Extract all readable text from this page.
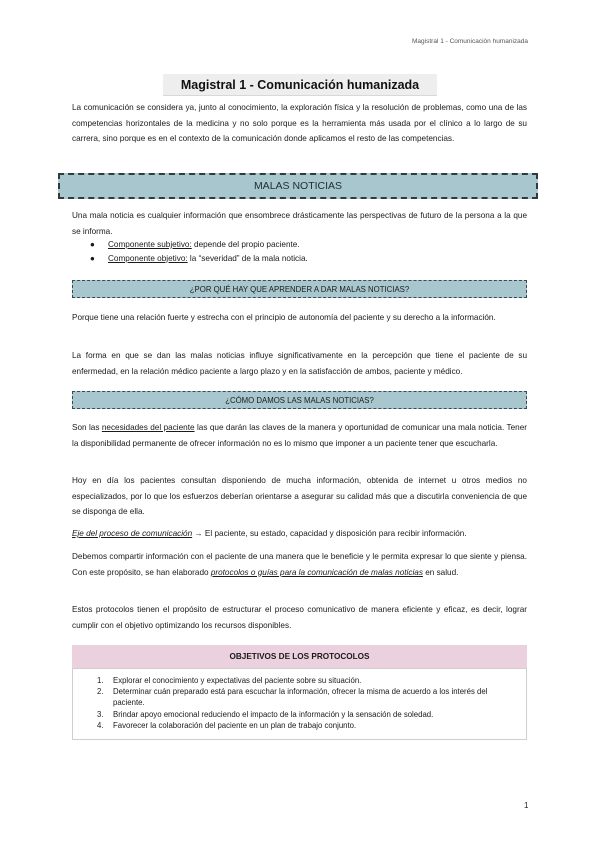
Magistral 1 - Comunicación humanizada
Magistral 1 - Comunicación humanizada

La comunicación se considera ya, junto al conocimiento, la exploración física y la resolución de problemas, como una de las competencias horizontales de la medicina y no solo porque es la herramienta más usada por el clínico a lo largo de su carrera, sino porque es en el contexto de la comunicación donde aplicamos el resto de las competencias.

MALAS NOTICIAS

Una mala noticia es cualquier información que ensombrece drásticamente las perspectivas de futuro de la persona a la que se informa.

● Componente subjetivo: depende del propio paciente.
● Componente objetivo: la “severidad” de la mala noticia.
¿POR QUÉ HAY QUE APRENDER A DAR MALAS NOTICIAS?

Porque tiene una relación fuerte y estrecha con el principio de autonomía del paciente y su derecho a la información.

La forma en que se dan las malas noticias influye significativamente en la percepción que tiene el paciente de su enfermedad, en la relación médico paciente a largo plazo y en la satisfacción de ambos, paciente y médico.

¿CÓMO DAMOS LAS MALAS NOTICIAS?

Son las necesidades del paciente las que darán las claves de la manera y oportunidad de comunicar una mala noticia. Tener la disponibilidad permanente de ofrecer información no es lo mismo que imponer a un paciente tener que escucharla.

Hoy en día los pacientes consultan disponiendo de mucha información, obtenida de internet u otros medios no especializados, por lo que los esfuerzos deberían orientarse a asegurar su calidad más que a discutirla conveniencia de que se disponga de ella.

Eje del proceso de comunicación → El paciente, su estado, capacidad y disposición para recibir información.

Debemos compartir información con el paciente de una manera que le beneficie y le permita expresar lo que siente y piensa. Con este propósito, se han elaborado protocolos o guías para la comunicación de malas noticias en salud.

Estos protocolos tienen el propósito de estructurar el proceso comunicativo de manera eficiente y eficaz, es decir, lograr cumplir con el objetivo optimizando los recursos disponibles.

OBJETIVOS DE LOS PROTOCOLOS
1. Explorar el conocimiento y expectativas del paciente sobre su situación.
2. Determinar cuán preparado está para escuchar la información, ofrecer la misma de acuerdo a los interés del paciente.
3. Brindar apoyo emocional reduciendo el impacto de la información y la sensación de soledad.
4. Favorecer la colaboración del paciente en un plan de trabajo conjunto.
1
